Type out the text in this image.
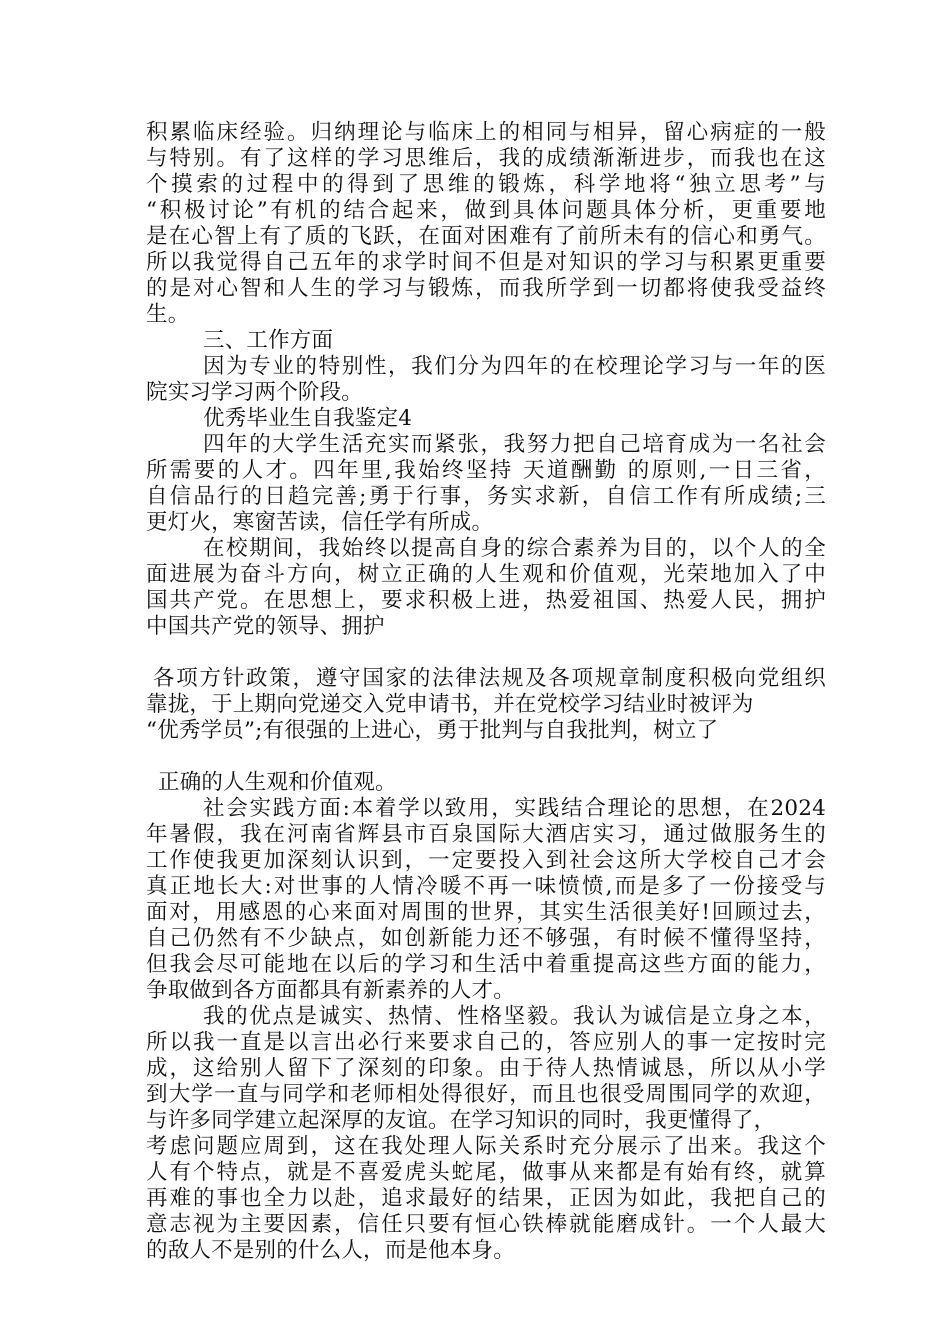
积累临床经验。归纳理论与临床上的相同与相异，留心病症的一般
与特别。有了这样的学习思维后，我的成绩渐渐进步，而我也在这
个摸索的过程中的得到了思维的锻炼，科学地将“独立思考”与
“积极讨论”有机的结合起来，做到具体问题具体分析，更重要地
是在心智上有了质的飞跃，在面对困难有了前所未有的信心和勇气。
所以我觉得自己五年的求学时间不但是对知识的学习与积累更重要
的是对心智和人生的学习与锻炼，而我所学到一切都将使我受益终
生。
三、工作方面
因为专业的特别性，我们分为四年的在校理论学习与一年的医
院实习学习两个阶段。
优秀毕业生自我鉴定4
四年的大学生活充实而紧张，我努力把自己培育成为一名社会
所需要的人才。四年里,我始终坚持 天道酬勤 的原则,一日三省，
自信品行的日趋完善;勇于行事，务实求新，自信工作有所成绩;三
更灯火，寒窗苦读，信任学有所成。
在校期间，我始终以提高自身的综合素养为目的，以个人的全
面进展为奋斗方向，树立正确的人生观和价值观，光荣地加入了中
国共产党。在思想上，要求积极上进，热爱祖国、热爱人民，拥护
中国共产党的领导、拥护
各项方针政策，遵守国家的法律法规及各项规章制度积极向党组织
靠拢，于上期向党递交入党申请书，并在党校学习结业时被评为
“优秀学员”;有很强的上进心，勇于批判与自我批判，树立了
正确的人生观和价值观。
社会实践方面:本着学以致用，实践结合理论的思想，在2024
年暑假，我在河南省辉县市百泉国际大酒店实习，通过做服务生的
工作使我更加深刻认识到，一定要投入到社会这所大学校自己才会
真正地长大:对世事的人情冷暖不再一味愤愤,而是多了一份接受与
面对，用感恩的心来面对周围的世界，其实生活很美好!回顾过去，
自己仍然有不少缺点，如创新能力还不够强，有时候不懂得坚持，
但我会尽可能地在以后的学习和生活中着重提高这些方面的能力，
争取做到各方面都具有新素养的人才。
我的优点是诚实、热情、性格坚毅。我认为诚信是立身之本，
所以我一直是以言出必行来要求自己的，答应别人的事一定按时完
成，这给别人留下了深刻的印象。由于待人热情诚恳，所以从小学
到大学一直与同学和老师相处得很好，而且也很受周围同学的欢迎，
与许多同学建立起深厚的友谊。在学习知识的同时，我更懂得了，
考虑问题应周到，这在我处理人际关系时充分展示了出来。我这个
人有个特点，就是不喜爱虎头蛇尾，做事从来都是有始有终，就算
再难的事也全力以赴，追求最好的结果，正因为如此，我把自己的
意志视为主要因素，信任只要有恒心铁棒就能磨成针。一个人最大
的敌人不是别的什么人，而是他本身。
